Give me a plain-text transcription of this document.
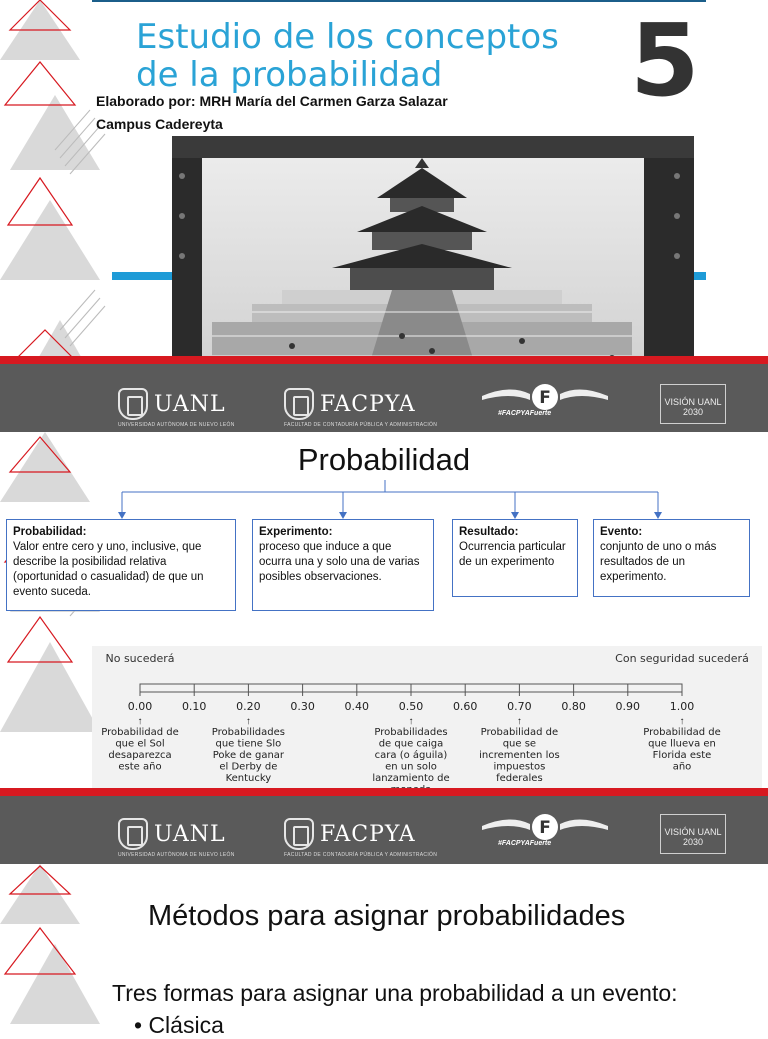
Estudio de los conceptos
de la probabilidad	5
Elaborado por: MRH María del Carmen Garza Salazar
Campus Cadereyta
UANL
UNIVERSIDAD AUTÓNOMA DE NUEVO LEÓN
FACPYA
FACULTAD DE CONTADURÍA PÚBLICA Y ADMINISTRACIÓN
F
#FACPYAFuerte
VISIÓN UANL 2030
Probabilidad
Probabilidad:
Valor entre cero y uno, inclusive, que describe la posibilidad relativa (oportunidad o casualidad) de que un evento suceda.
Experimento:
proceso que induce a que ocurra una y solo una de varias posibles observaciones.
Resultado:
Ocurrencia particular de un experimento
Evento:
conjunto de uno o más resultados de un experimento.
No sucederá	Con seguridad sucederá
0.00	0.10	0.20	0.30	0.40	0.50	0.60	0.70	0.80	0.90	1.00
↑
Probabilidad de que el Sol desaparezca este año
↑
Probabilidades que tiene Slo Poke de ganar el Derby de Kentucky
↑
Probabilidades de que caiga cara (o águila) en un solo lanzamiento de
↑
Probabilidad de que se incrementen los impuestos federales
↑
Probabilidad de que llueva en Florida este año
UANL
UNIVERSIDAD AUTÓNOMA DE NUEVO LEÓN
FACPYA
FACULTAD DE CONTADURÍA PÚBLICA Y ADMINISTRACIÓN
F
#FACPYAFuerte
VISIÓN UANL 2030
Métodos para asignar probabilidades
Tres formas para asignar una probabilidad a un evento:
• Clásica
